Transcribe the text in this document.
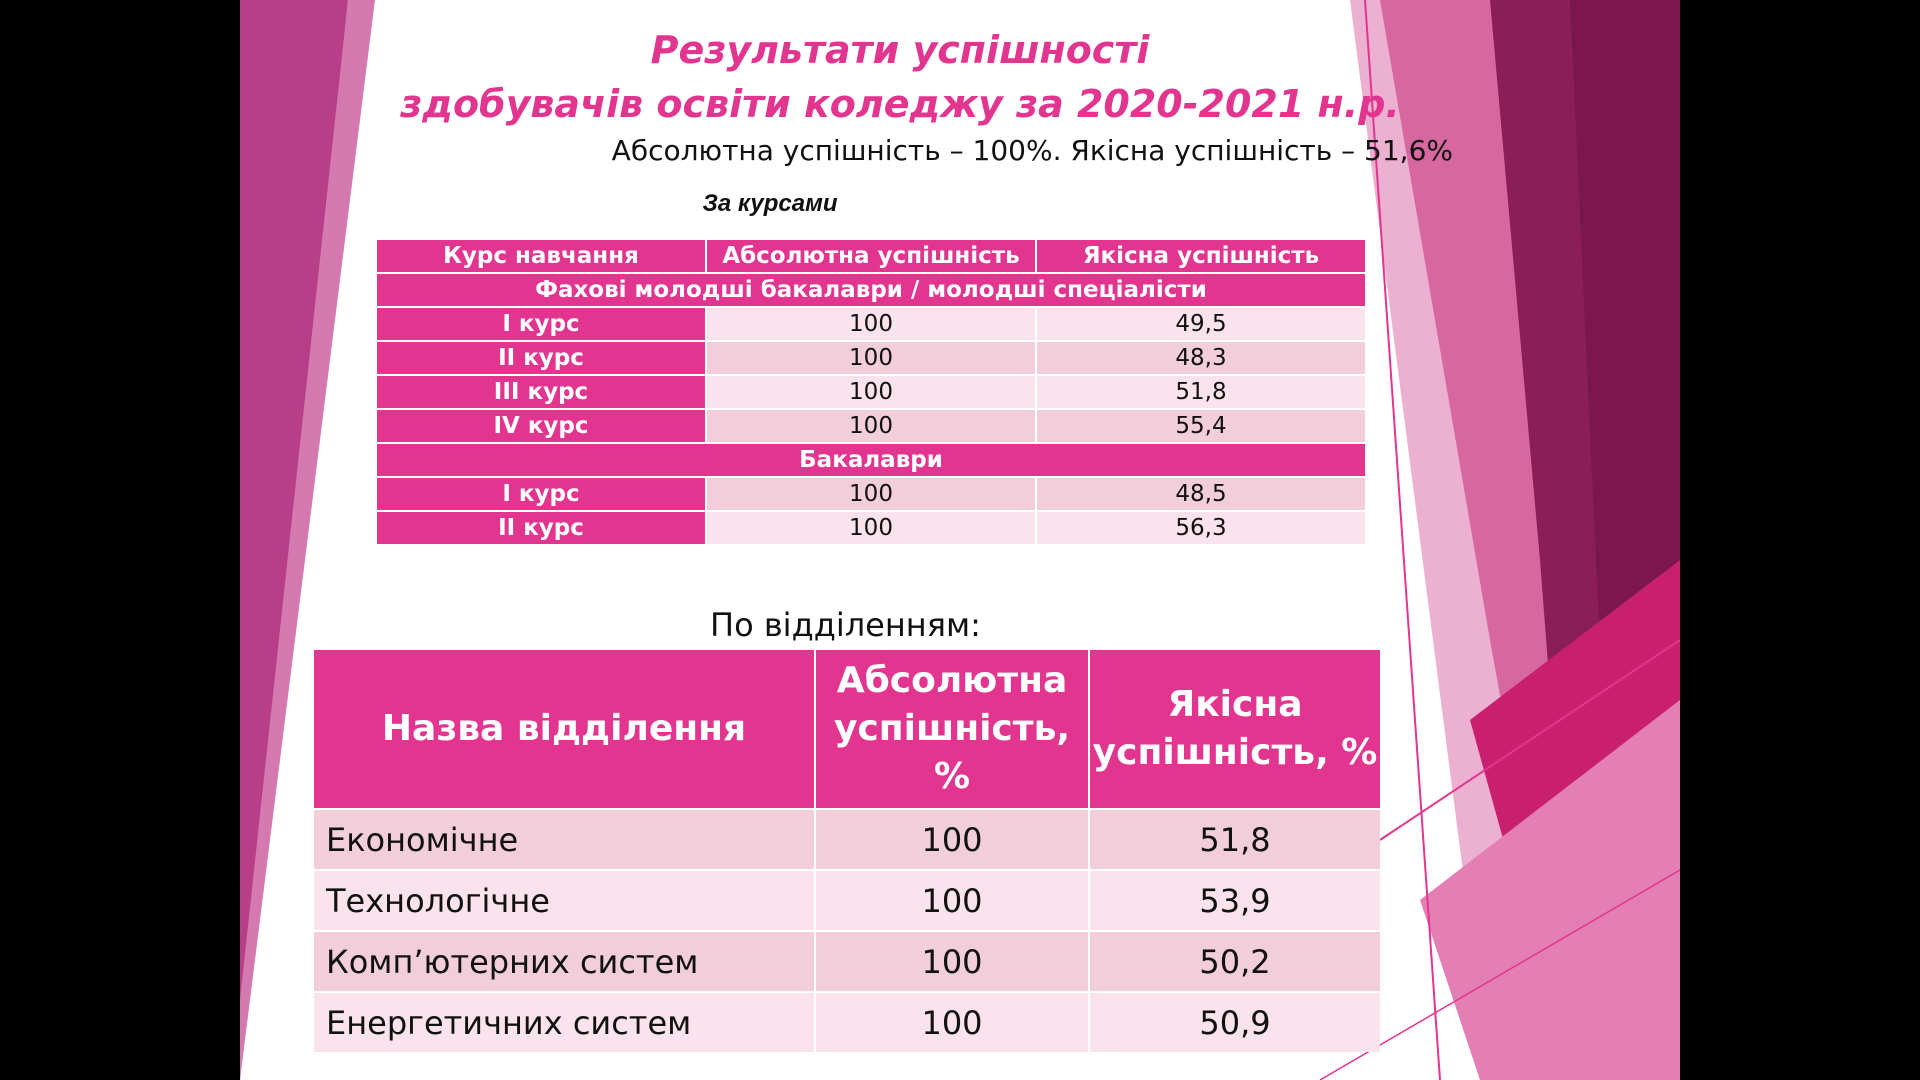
Результати успішності
здобувачів освіти коледжу за 2020-2021 н.р.
Абсолютна успішність – 100%. Якісна успішність – 51,6%
За курсами
Курс навчання	Абсолютна успішність	Якісна успішність
Фахові молодші бакалаври / молодші спеціалісти		
I курс	100	49,5
II курс	100	48,3
III курс	100	51,8
IV курс	100	55,4
Бакалаври		
I курс	100	48,5
II курс	100	56,3
По відділенням:
Назва відділення	Абсолютна успішність, %	Якісна успішність, %
Економічне	100	51,8
Технологічне	100	53,9
Комп’ютерних систем	100	50,2
Енергетичних систем	100	50,9
